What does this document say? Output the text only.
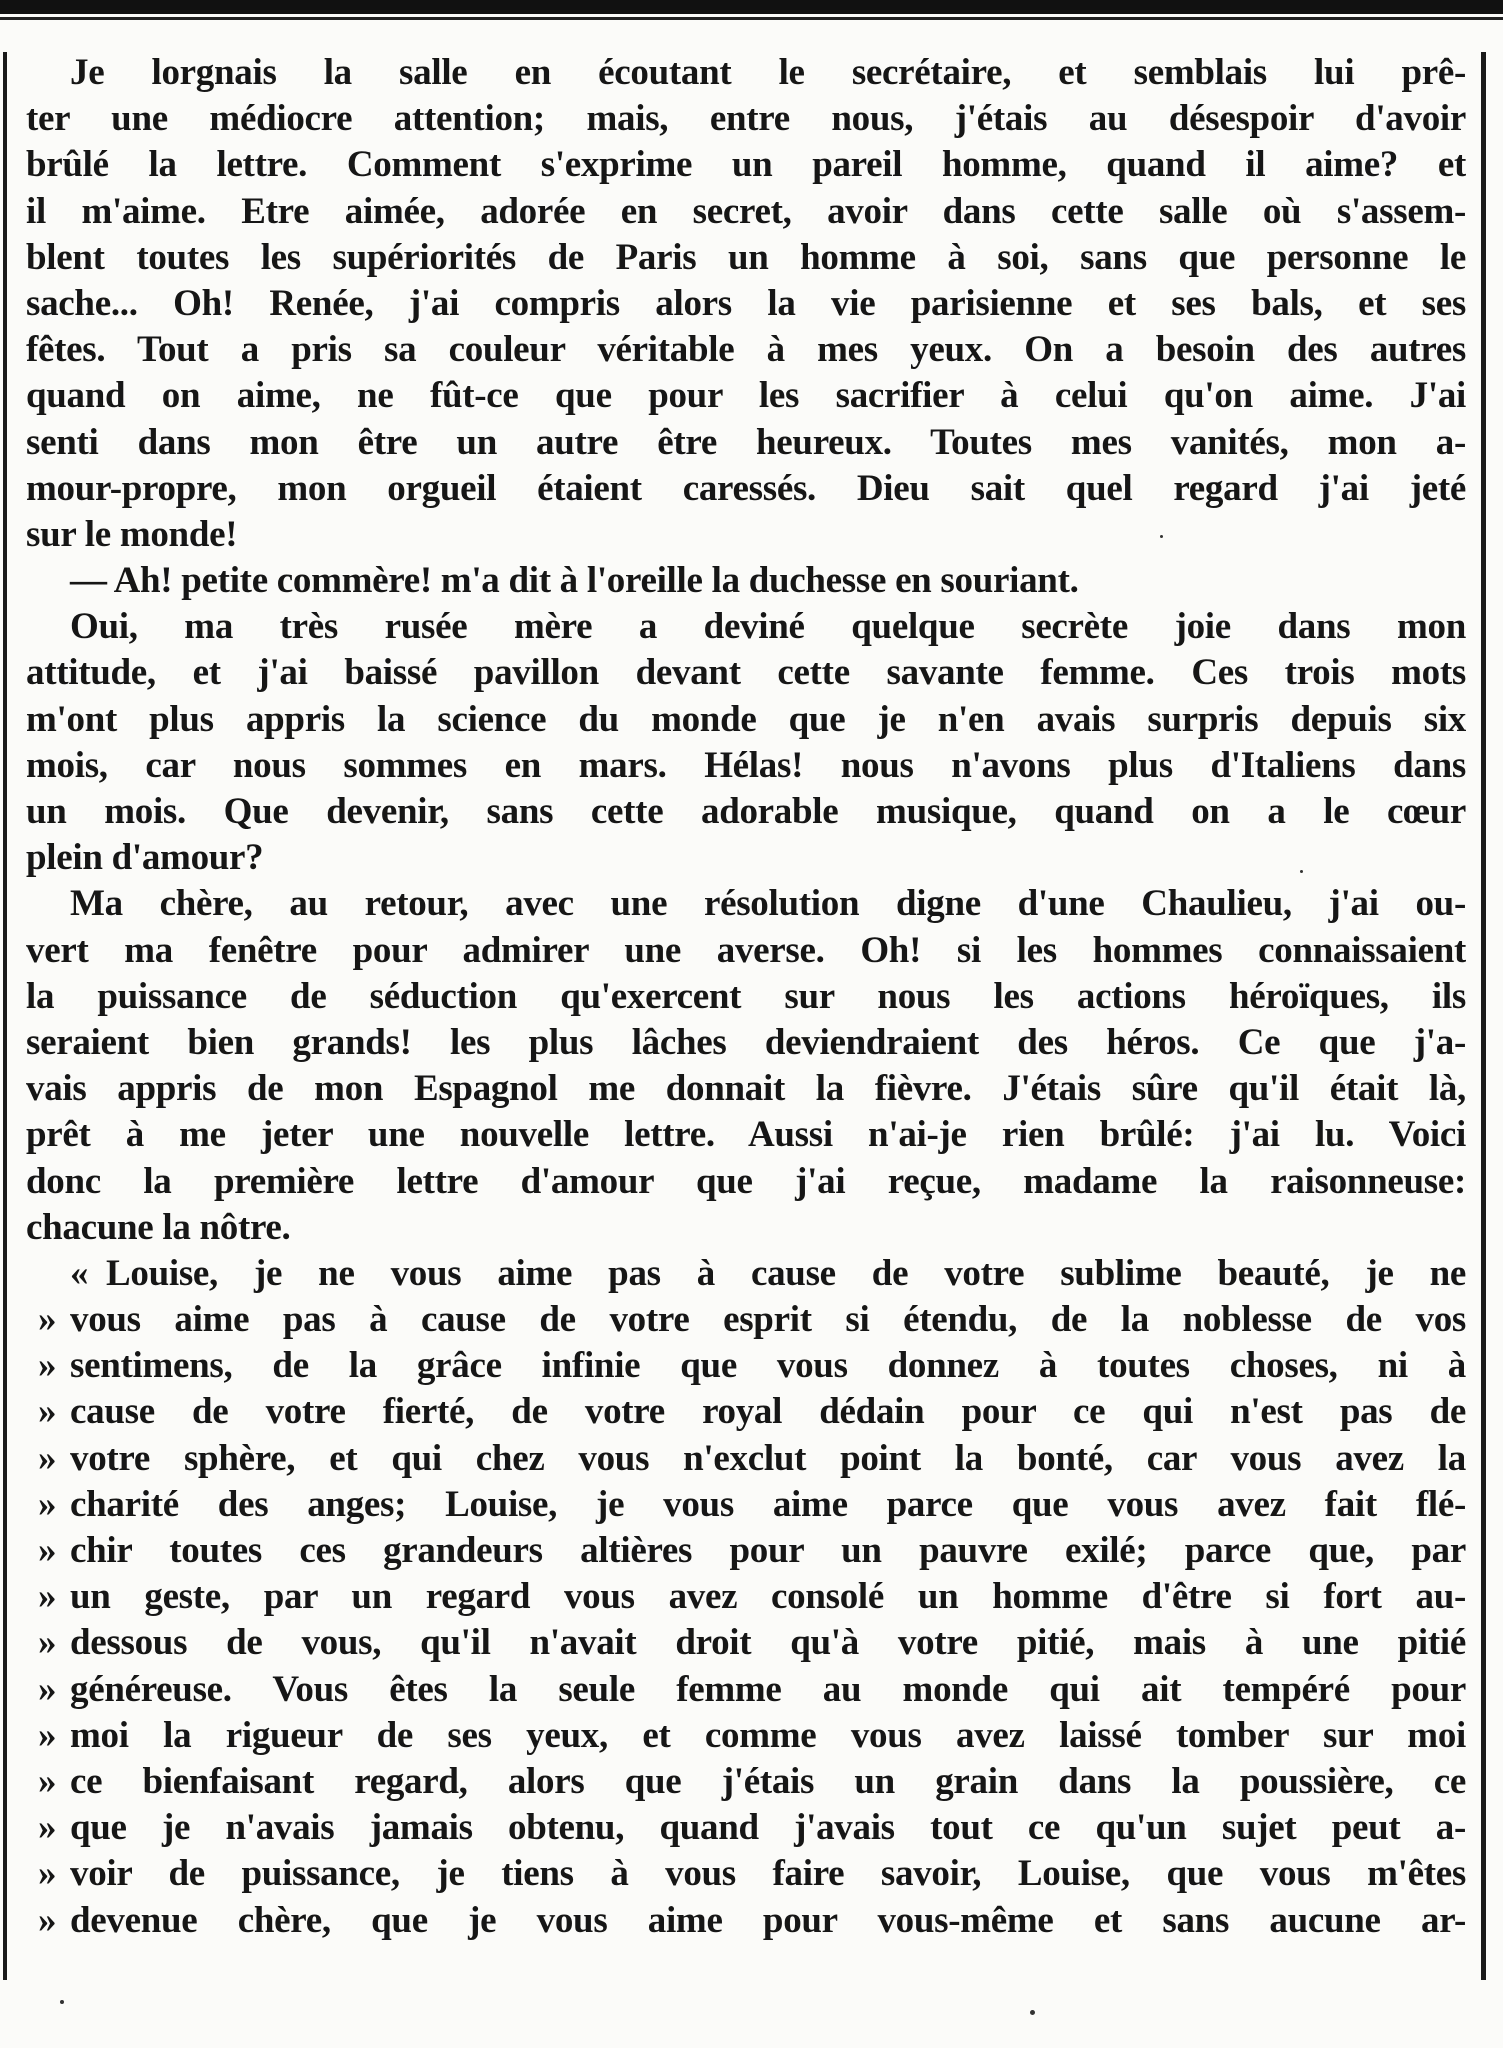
Je lorgnais la salle en écoutant le secrétaire, et semblais lui prê-
ter une médiocre attention; mais, entre nous, j'étais au désespoir d'avoir
brûlé la lettre. Comment s'exprime un pareil homme, quand il aime? et
il m'aime. Etre aimée, adorée en secret, avoir dans cette salle où s'assem-
blent toutes les supériorités de Paris un homme à soi, sans que personne le
sache... Oh! Renée, j'ai compris alors la vie parisienne et ses bals, et ses
fêtes. Tout a pris sa couleur véritable à mes yeux. On a besoin des autres
quand on aime, ne fût-ce que pour les sacrifier à celui qu'on aime. J'ai
senti dans mon être un autre être heureux. Toutes mes vanités, mon a-
mour-propre, mon orgueil étaient caressés. Dieu sait quel regard j'ai jeté
sur le monde!
— Ah! petite commère! m'a dit à l'oreille la duchesse en souriant.
Oui, ma très rusée mère a deviné quelque secrète joie dans mon
attitude, et j'ai baissé pavillon devant cette savante femme. Ces trois mots
m'ont plus appris la science du monde que je n'en avais surpris depuis six
mois, car nous sommes en mars. Hélas! nous n'avons plus d'Italiens dans
un mois. Que devenir, sans cette adorable musique, quand on a le cœur
plein d'amour?
Ma chère, au retour, avec une résolution digne d'une Chaulieu, j'ai ou-
vert ma fenêtre pour admirer une averse. Oh! si les hommes connaissaient
la puissance de séduction qu'exercent sur nous les actions héroïques, ils
seraient bien grands! les plus lâches deviendraient des héros. Ce que j'a-
vais appris de mon Espagnol me donnait la fièvre. J'étais sûre qu'il était là,
prêt à me jeter une nouvelle lettre. Aussi n'ai-je rien brûlé: j'ai lu. Voici
donc la première lettre d'amour que j'ai reçue, madame la raisonneuse:
chacune la nôtre.
« Louise, je ne vous aime pas à cause de votre sublime beauté, je ne
» vous aime pas à cause de votre esprit si étendu, de la noblesse de vos
» sentimens, de la grâce infinie que vous donnez à toutes choses, ni à
» cause de votre fierté, de votre royal dédain pour ce qui n'est pas de
» votre sphère, et qui chez vous n'exclut point la bonté, car vous avez la
» charité des anges; Louise, je vous aime parce que vous avez fait flé-
» chir toutes ces grandeurs altières pour un pauvre exilé; parce que, par
» un geste, par un regard vous avez consolé un homme d'être si fort au-
» dessous de vous, qu'il n'avait droit qu'à votre pitié, mais à une pitié
» généreuse. Vous êtes la seule femme au monde qui ait tempéré pour
» moi la rigueur de ses yeux, et comme vous avez laissé tomber sur moi
» ce bienfaisant regard, alors que j'étais un grain dans la poussière, ce
» que je n'avais jamais obtenu, quand j'avais tout ce qu'un sujet peut a-
» voir de puissance, je tiens à vous faire savoir, Louise, que vous m'êtes
» devenue chère, que je vous aime pour vous-même et sans aucune ar-
